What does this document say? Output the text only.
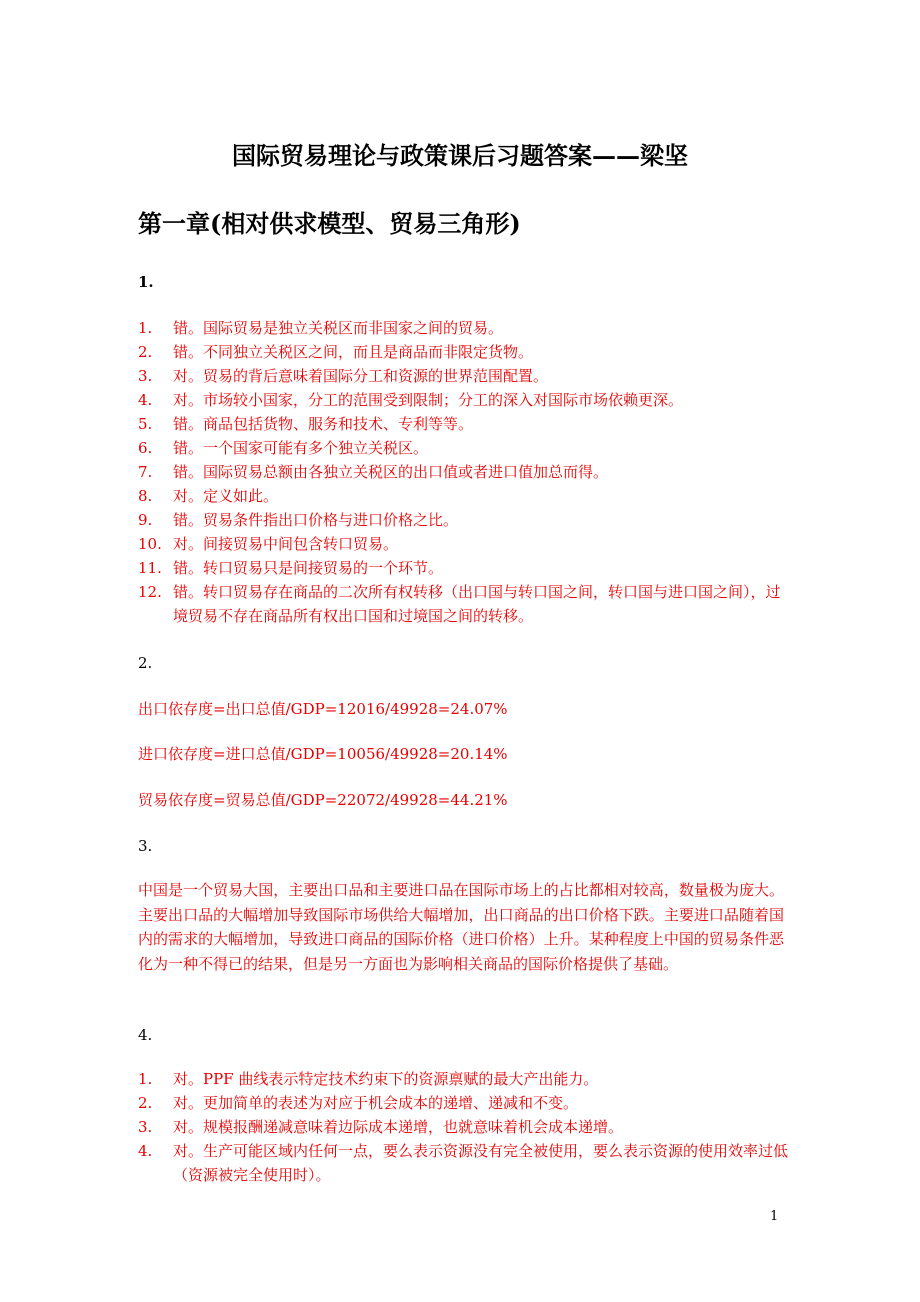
国际贸易理论与政策课后习题答案——梁坚
第一章(相对供求模型、贸易三角形)
1.
1. 错。国际贸易是独立关税区而非国家之间的贸易。
2. 错。不同独立关税区之间，而且是商品而非限定货物。
3. 对。贸易的背后意味着国际分工和资源的世界范围配置。
4. 对。市场较小国家，分工的范围受到限制；分工的深入对国际市场依赖更深。
5. 错。商品包括货物、服务和技术、专利等等。
6. 错。一个国家可能有多个独立关税区。
7. 错。国际贸易总额由各独立关税区的出口值或者进口值加总而得。
8. 对。定义如此。
9. 错。贸易条件指出口价格与进口价格之比。
10. 对。间接贸易中间包含转口贸易。
11. 错。转口贸易只是间接贸易的一个环节。
12. 错。转口贸易存在商品的二次所有权转移（出口国与转口国之间，转口国与进口国之间），过境贸易不存在商品所有权出口国和过境国之间的转移。
2.
出口依存度=出口总值/GDP=12016/49928=24.07%
进口依存度=进口总值/GDP=10056/49928=20.14%
贸易依存度=贸易总值/GDP=22072/49928=44.21%
3.
中国是一个贸易大国，主要出口品和主要进口品在国际市场上的占比都相对较高，数量极为庞大。主要出口品的大幅增加导致国际市场供给大幅增加，出口商品的出口价格下跌。主要进口品随着国内的需求的大幅增加，导致进口商品的国际价格（进口价格）上升。某种程度上中国的贸易条件恶化为一种不得已的结果，但是另一方面也为影响相关商品的国际价格提供了基础。
4.
1. 对。PPF 曲线表示特定技术约束下的资源禀赋的最大产出能力。
2. 对。更加简单的表述为对应于机会成本的递增、递减和不变。
3. 对。规模报酬递减意味着边际成本递增，也就意味着机会成本递增。
4. 对。生产可能区域内任何一点，要么表示资源没有完全被使用，要么表示资源的使用效率过低（资源被完全使用时）。
1
